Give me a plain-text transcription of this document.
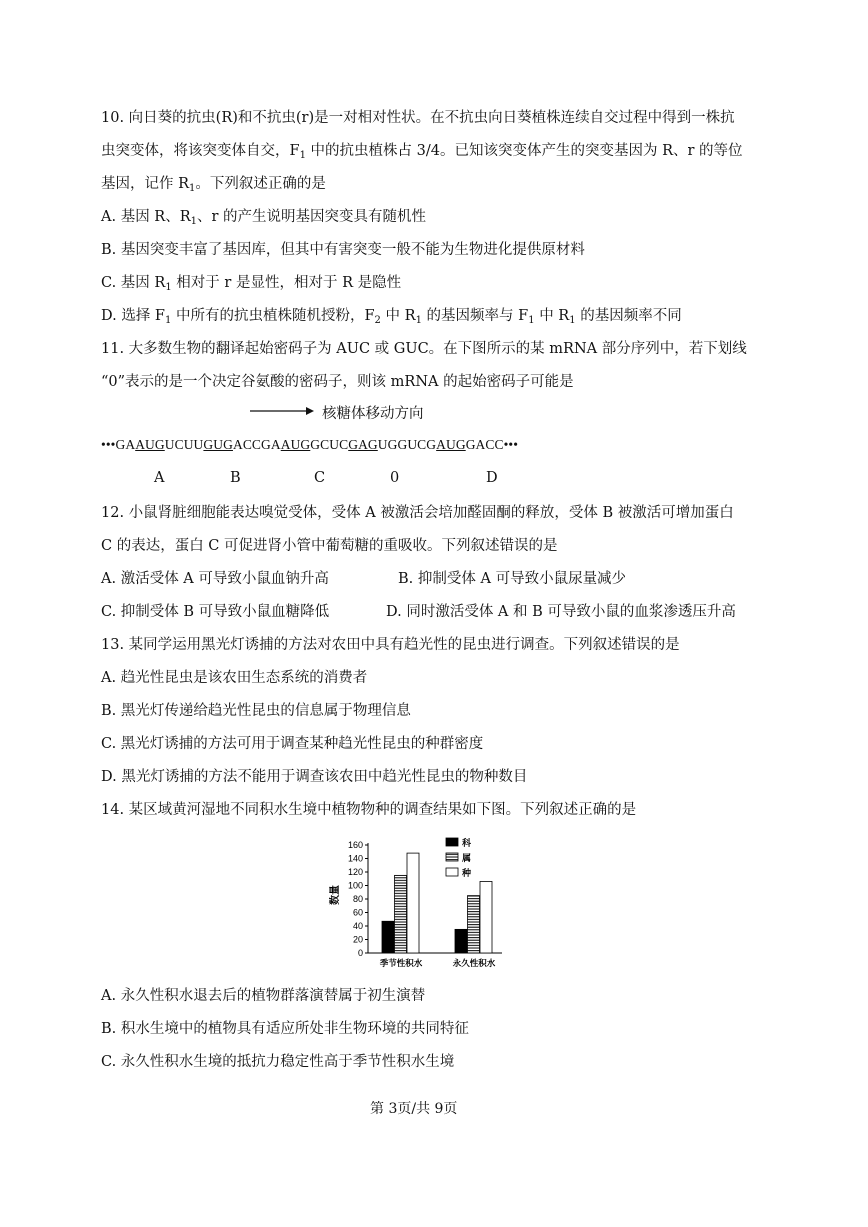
10. 向日葵的抗虫(R)和不抗虫(r)是一对相对性状。在不抗虫向日葵植株连续自交过程中得到一株抗
虫突变体，将该突变体自交，$F_1$ 中的抗虫植株占 3/4。已知该突变体产生的突变基因为 R、r 的等位
基因，记作 $R_1$。下列叙述正确的是
A. 基因 R、$R_1$、r 的产生说明基因突变具有随机性
B. 基因突变丰富了基因库，但其中有害突变一般不能为生物进化提供原材料
C. 基因 $R_1$ 相对于 r 是显性，相对于 R 是隐性
D. 选择 $F_1$ 中所有的抗虫植株随机授粉，$F_2$ 中 $R_1$ 的基因频率与 $F_1$ 中 $R_1$ 的基因频率不同
11. 大多数生物的翻译起始密码子为 AUC 或 GUC。在下图所示的某 mRNA 部分序列中，若下划线
“0”表示的是一个决定谷氨酸的密码子，则该 mRNA 的起始密码子可能是
核糖体移动方向
•••GAAUGUCUUGUGACCGAAUGGCUCGAGUGGUCGAUGGACC•••
A	B	C	0	D
12. 小鼠肾脏细胞能表达嗅觉受体，受体 A 被激活会培加醛固酮的释放，受体 B 被激活可增加蛋白
C 的表达，蛋白 C 可促进肾小管中葡萄糖的重吸收。下列叙述错误的是
A. 激活受体 A 可导致小鼠血钠升高	B. 抑制受体 A 可导致小鼠尿量减少
C. 抑制受体 B 可导致小鼠血糖降低	D. 同时激活受体 A 和 B 可导致小鼠的血浆渗透压升高
13. 某同学运用黑光灯诱捕的方法对农田中具有趋光性的昆虫进行调查。下列叙述错误的是
A. 趋光性昆虫是该农田生态系统的消费者
B. 黑光灯传递给趋光性昆虫的信息属于物理信息
C. 黑光灯诱捕的方法可用于调查某种趋光性昆虫的种群密度
D. 黑光灯诱捕的方法不能用于调查该农田中趋光性昆虫的物种数目
14. 某区域黄河湿地不同积水生境中植物物种的调查结果如下图。下列叙述正确的是
0
20
40
60
80
100
120
140
160
数量
季节性积水	永久性积水
科
属
种
A. 永久性积水退去后的植物群落演替属于初生演替
B. 积水生境中的植物具有适应所处非生物环境的共同特征
C. 永久性积水生境的抵抗力稳定性高于季节性积水生境
第 3页/共 9页
